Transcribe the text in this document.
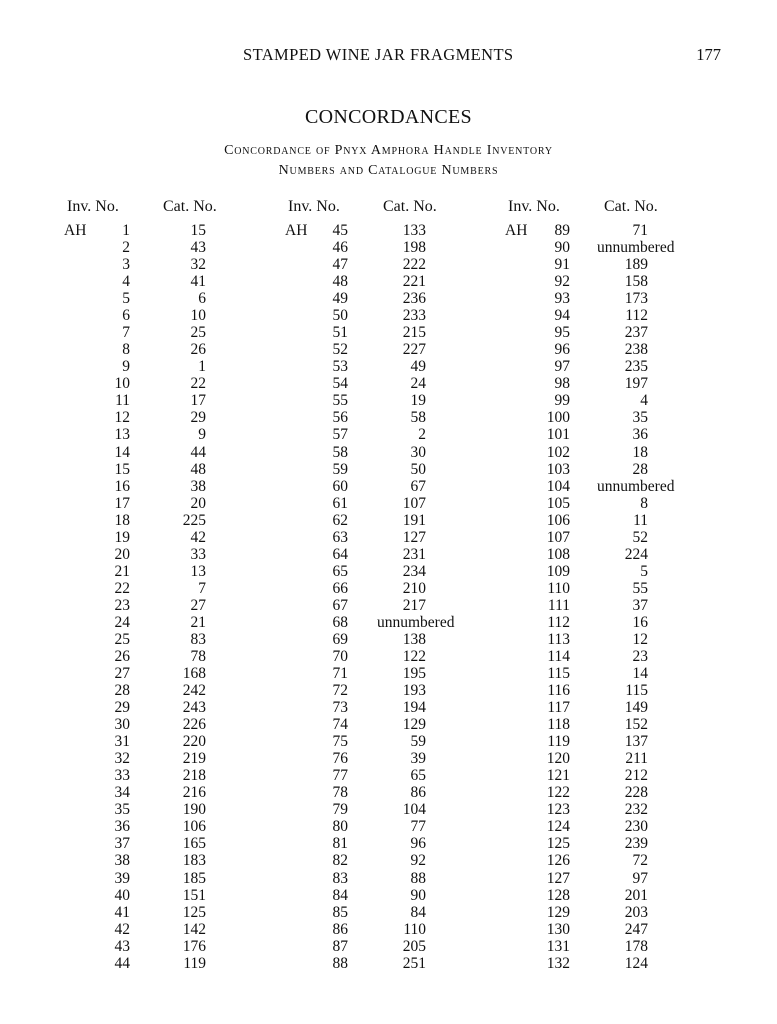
STAMPED WINE JAR FRAGMENTS	177
CONCORDANCES
Concordance of Pnyx Amphora Handle Inventory
Numbers and Catalogue Numbers
Inv. No.	Cat. No.
AH	1	15
2	43
3	32
4	41
5	6
6	10
7	25
8	26
9	1
10	22
11	17
12	29
13	9
14	44
15	48
16	38
17	20
18	225
19	42
20	33
21	13
22	7
23	27
24	21
25	83
26	78
27	168
28	242
29	243
30	226
31	220
32	219
33	218
34	216
35	190
36	106
37	165
38	183
39	185
40	151
41	125
42	142
43	176
44	119
Inv. No.	Cat. No.
AH	45	133
46	198
47	222
48	221
49	236
50	233
51	215
52	227
53	49
54	24
55	19
56	58
57	2
58	30
59	50
60	67
61	107
62	191
63	127
64	231
65	234
66	210
67	217
68 unnumbered
69	138
70	122
71	195
72	193
73	194
74	129
75	59
76	39
77	65
78	86
79	104
80	77
81	96
82	92
83	88
84	90
85	84
86	110
87	205
88	251
Inv. No.	Cat. No.
AH	89	71
90 unnumbered
91	189
92	158
93	173
94	112
95	237
96	238
97	235
98	197
99	4
100	35
101	36
102	18
103	28
104 unnumbered
105	8
106	11
107	52
108	224
109	5
110	55
111	37
112	16
113	12
114	23
115	14
116	115
117	149
118	152
119	137
120	211
121	212
122	228
123	232
124	230
125	239
126	72
127	97
128	201
129	203
130	247
131	178
132	124
